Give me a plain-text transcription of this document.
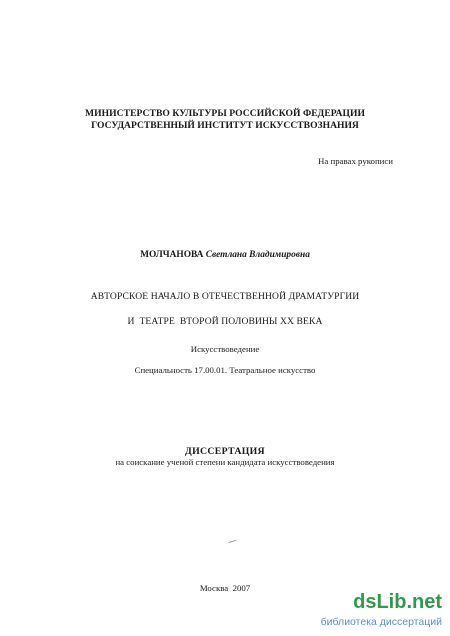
МИНИСТЕРСТВО КУЛЬТУРЫ РОССИЙСКОЙ ФЕДЕРАЦИИ
ГОСУДАРСТВЕННЫЙ ИНСТИТУТ ИСКУССТВОЗНАНИЯ
На правах рукописи
МОЛЧАНОВА Светлана Владимировна
АВТОРСКОЕ НАЧАЛО В ОТЕЧЕСТВЕННОЙ ДРАМАТУРГИИ
И  ТЕАТРЕ  ВТОРОЙ ПОЛОВИНЫ ХХ ВЕКА
Искусствоведение
Специальность 17.00.01. Театральное искусство
ДИССЕРТАЦИЯ
на соискание ученой степени кандидата искусствоведения
Москва  2007
dsLib.net
библиотека диссертаций
